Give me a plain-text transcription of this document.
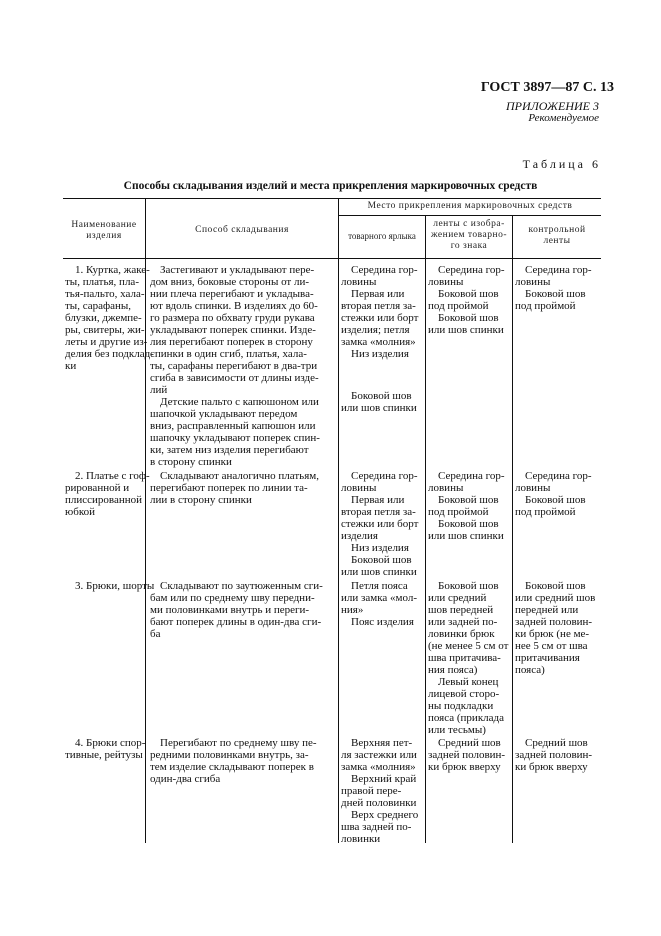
ГОСТ 3897—87 С. 13
ПРИЛОЖЕНИЕ 3
Рекомендуемое
Таблица 6
Способы складывания изделий и места прикрепления маркировочных средств
Наименование
изделия
Способ складывания
Место прикрепления маркировочных средств
товарного ярлыка
ленты с изобра-
жением товарно-
го знака
контрольной
ленты

1. Куртка, жаке-
ты, платья, пла-
тья-пальто, хала-
ты, сарафаны,
блузки, джемпе-
ры, свитеры, жи-
леты и другие из-
делия без подклад-
ки

Застегивают и укладывают пере-
дом вниз, боковые стороны от ли-
нии плеча перегибают и укладыва-
ют вдоль спинки. В изделиях до 60-
го размера по обхвату груди рукава
укладывают поперек спинки. Изде-
лия перегибают поперек в сторону
спинки в один сгиб, платья, хала-
ты, сарафаны перегибают в два-три
сгиба в зависимости от длины изде-
лий

Детские пальто с капюшоном или
шапочкой укладывают передом
вниз, расправленный капюшон или
шапочку укладывают поперек спин-
ки, затем низ изделия перегибают
в сторону спинки

Середина гор-
ловины

Первая или
вторая петля за-
стежки или борт
изделия; петля
замка «молния»

Низ изделия

Боковой шов
или шов спинки

Середина гор-
ловины

Боковой шов
под проймой

Боковой шов
или шов спинки

Середина гор-
ловины

Боковой шов
под проймой

2. Платье с гоф-
рированной и
плиссированной
юбкой

Складывают аналогично платьям,
перегибают поперек по линии та-
лии в сторону спинки

Середина гор-
ловины

Первая или
вторая петля за-
стежки или борт
изделия

Низ изделия

Боковой шов
или шов спинки

Середина гор-
ловины

Боковой шов
под проймой

Боковой шов
или шов спинки

Середина гор-
ловины

Боковой шов
под проймой

3. Брюки, шорты Складывают по заутюженным сги-
бам или по среднему шву передни-
ми половинками внутрь и переги-
бают поперек длины в один-два сги-
ба

Петля пояса
или замка «мол-
ния»

Пояс изделия

Боковой шов
или средний
шов передней
или задней по-
ловинки брюк
(не менее 5 см от
шва притачива-
ния пояса)

Левый конец
лицевой сторо-
ны подкладки
пояса (приклада
или тесьмы)

Боковой шов
или средний шов
передней или
задней половин-
ки брюк (не ме-
нее 5 см от шва
притачивания
пояса)

4. Брюки спор-
тивные, рейтузы

Перегибают по среднему шву пе-
редними половинками внутрь, за-
тем изделие складывают поперек в
один-два сгиба

Верхняя пет-
ля застежки или
замка «молния»

Верхний край
правой пере-
дней половинки

Верх среднего
шва задней по-
ловинки

Средний шов
задней половин-
ки брюк вверху

Средний шов
задней половин-
ки брюк вверху
